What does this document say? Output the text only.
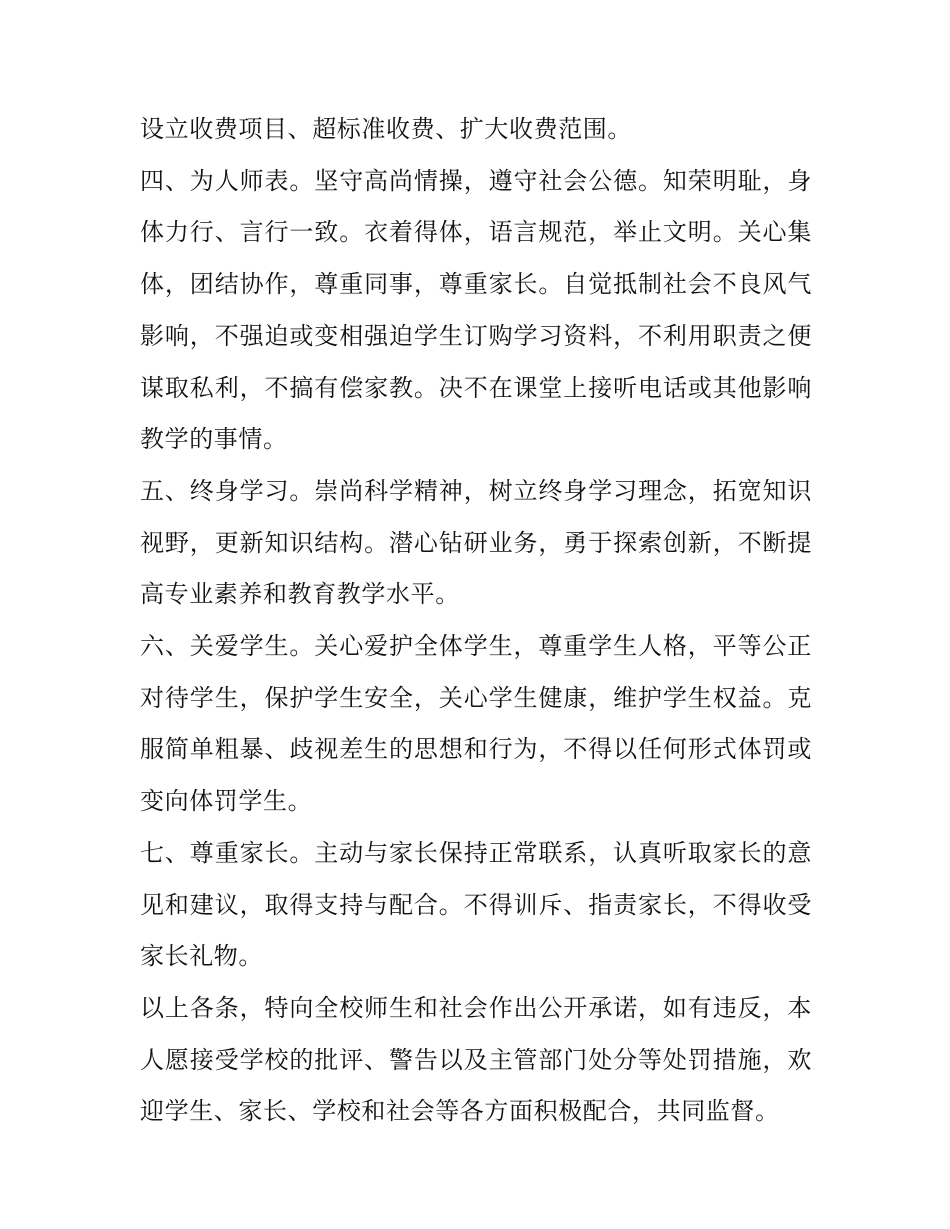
设立收费项目、超标准收费、扩大收费范围。

四、为人师表。坚守高尚情操，遵守社会公德。知荣明耻，身体力行、言行一致。衣着得体，语言规范，举止文明。关心集体，团结协作，尊重同事，尊重家长。自觉抵制社会不良风气影响，不强迫或变相强迫学生订购学习资料，不利用职责之便谋取私利，不搞有偿家教。决不在课堂上接听电话或其他影响教学的事情。

五、终身学习。崇尚科学精神，树立终身学习理念，拓宽知识视野，更新知识结构。潜心钻研业务，勇于探索创新，不断提高专业素养和教育教学水平。

六、关爱学生。关心爱护全体学生，尊重学生人格，平等公正对待学生，保护学生安全，关心学生健康，维护学生权益。克服简单粗暴、歧视差生的思想和行为，不得以任何形式体罚或变向体罚学生。

七、尊重家长。主动与家长保持正常联系，认真听取家长的意见和建议，取得支持与配合。不得训斥、指责家长，不得收受家长礼物。

以上各条，特向全校师生和社会作出公开承诺，如有违反，本人愿接受学校的批评、警告以及主管部门处分等处罚措施，欢迎学生、家长、学校和社会等各方面积极配合，共同监督。
